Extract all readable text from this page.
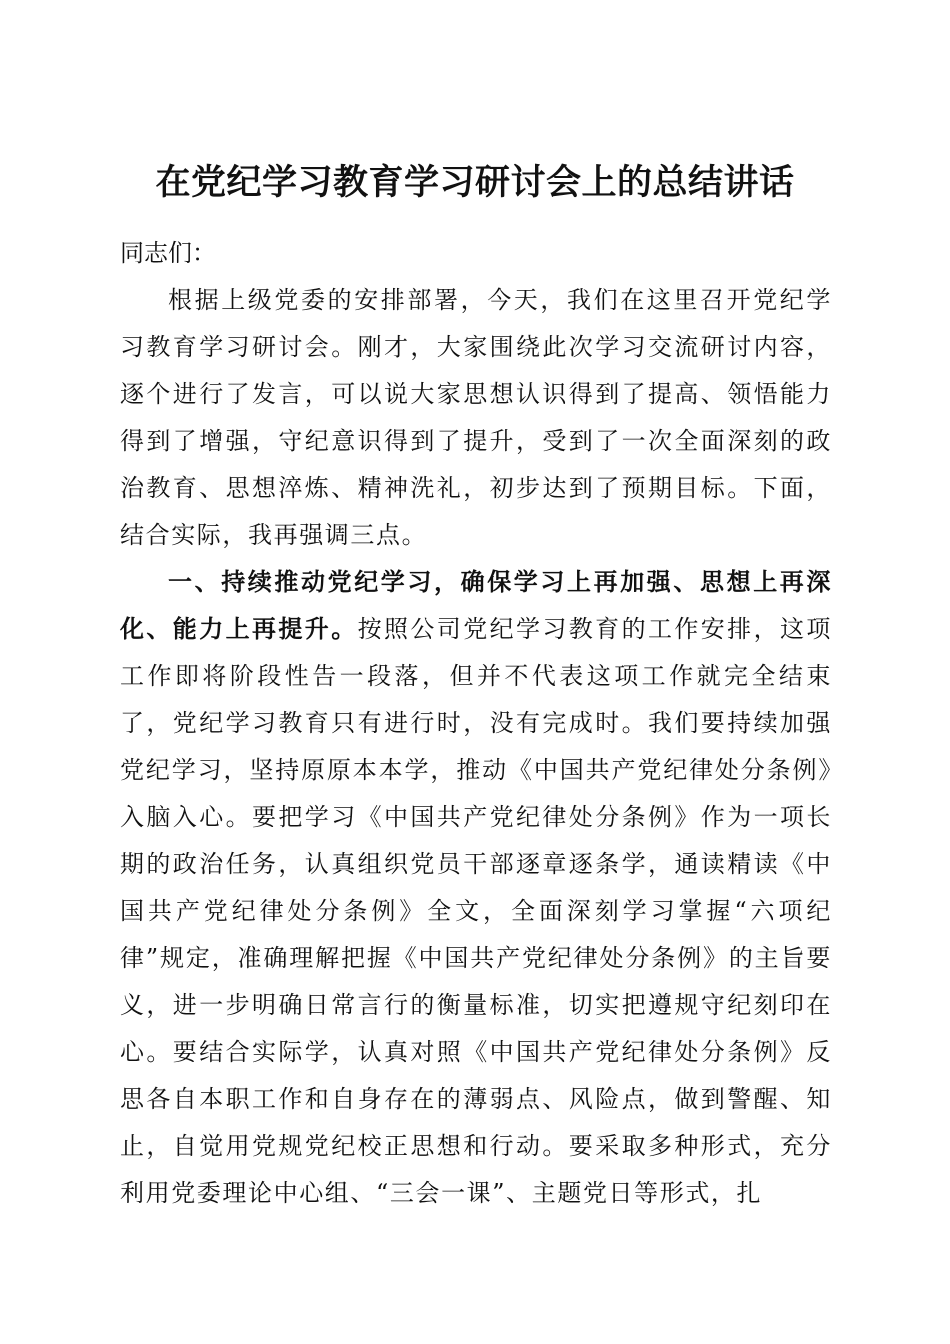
在党纪学习教育学习研讨会上的总结讲话

同志们：

根据上级党委的安排部署，今天，我们在这里召开党纪学习教育学习研讨会。刚才，大家围绕此次学习交流研讨内容，逐个进行了发言，可以说大家思想认识得到了提高、领悟能力得到了增强，守纪意识得到了提升，受到了一次全面深刻的政治教育、思想淬炼、精神洗礼，初步达到了预期目标。下面，结合实际，我再强调三点。

一、持续推动党纪学习，确保学习上再加强、思想上再深化、能力上再提升。按照公司党纪学习教育的工作安排，这项工作即将阶段性告一段落，但并不代表这项工作就完全结束了，党纪学习教育只有进行时，没有完成时。我们要持续加强党纪学习，坚持原原本本学，推动《中国共产党纪律处分条例》入脑入心。要把学习《中国共产党纪律处分条例》作为一项长期的政治任务，认真组织党员干部逐章逐条学，通读精读《中国共产党纪律处分条例》全文，全面深刻学习掌握“六项纪律”规定，准确理解把握《中国共产党纪律处分条例》的主旨要义，进一步明确日常言行的衡量标准，切实把遵规守纪刻印在心。要结合实际学，认真对照《中国共产党纪律处分条例》反思各自本职工作和自身存在的薄弱点、风险点，做到警醒、知止，自觉用党规党纪校正思想和行动。要采取多种形式，充分利用党委理论中心组、“三会一课”、主题党日等形式，扎
